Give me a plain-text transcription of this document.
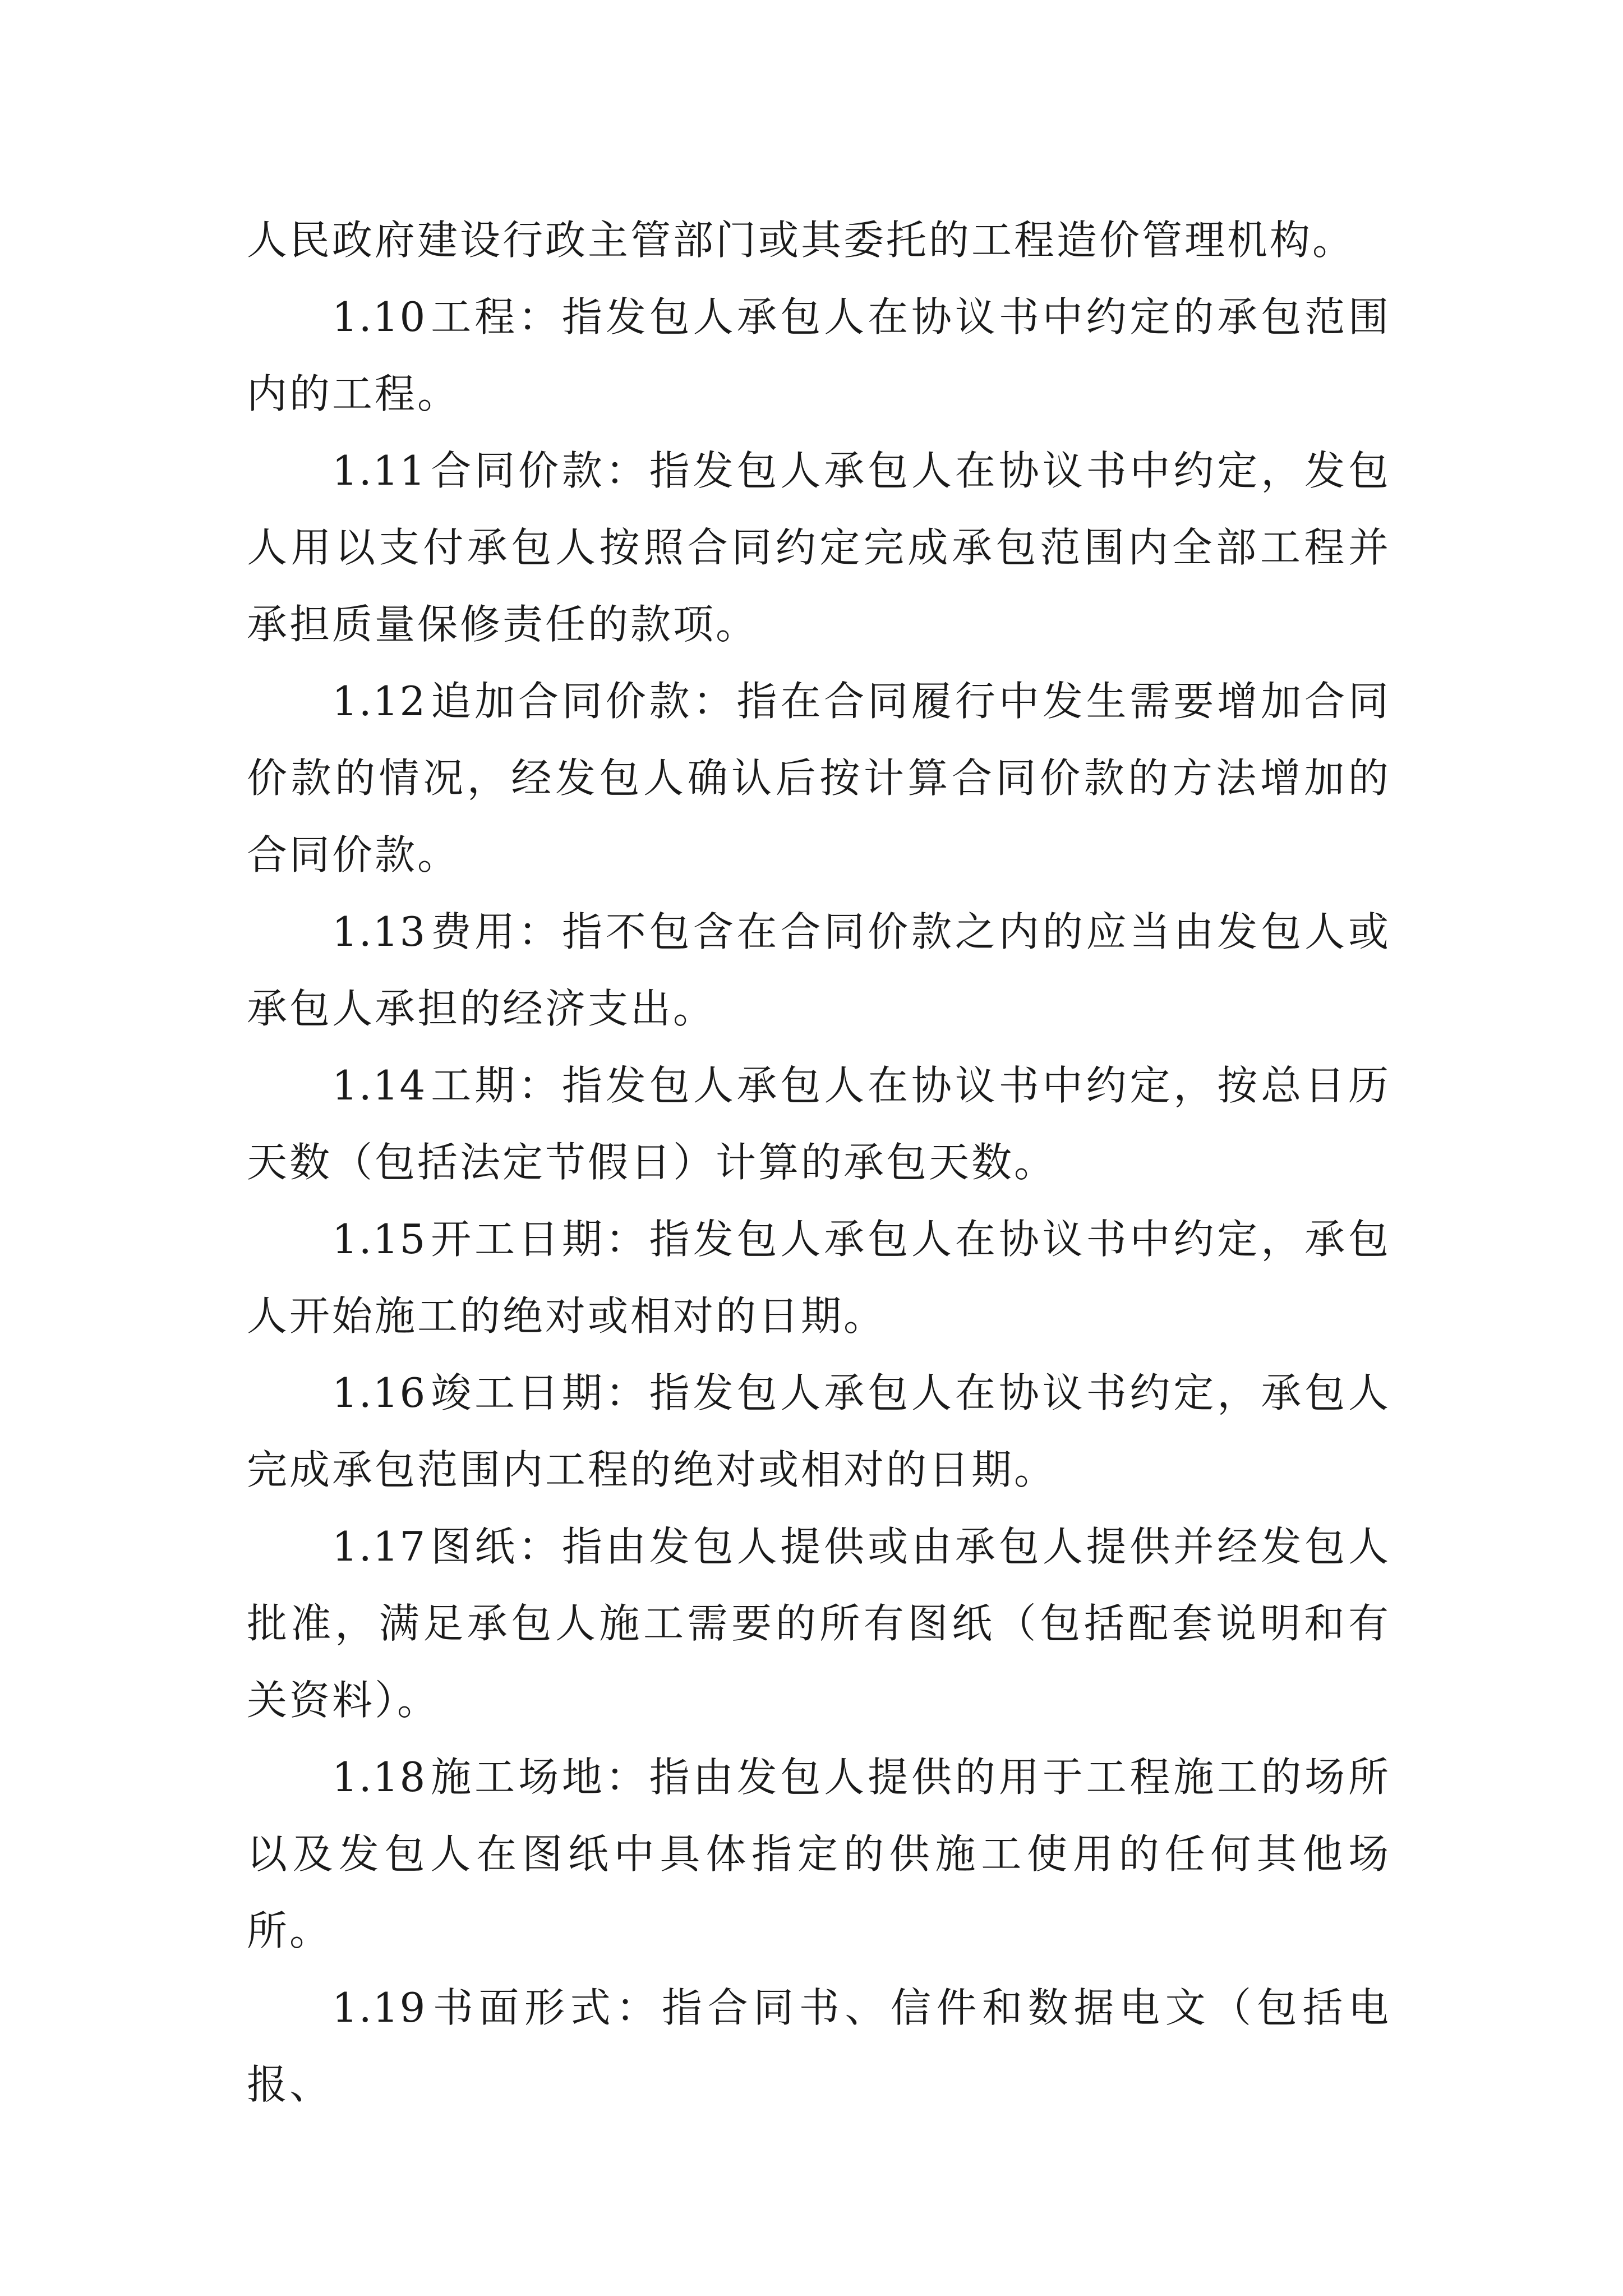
人民政府建设行政主管部门或其委托的工程造价管理机构。

1.10工程：指发包人承包人在协议书中约定的承包范围内的工程。

1.11合同价款：指发包人承包人在协议书中约定，发包人用以支付承包人按照合同约定完成承包范围内全部工程并承担质量保修责任的款项。

1.12追加合同价款：指在合同履行中发生需要增加合同价款的情况，经发包人确认后按计算合同价款的方法增加的合同价款。

1.13费用：指不包含在合同价款之内的应当由发包人或承包人承担的经济支出。

1.14工期：指发包人承包人在协议书中约定，按总日历天数（包括法定节假日）计算的承包天数。

1.15开工日期：指发包人承包人在协议书中约定，承包人开始施工的绝对或相对的日期。

1.16竣工日期：指发包人承包人在协议书约定，承包人完成承包范围内工程的绝对或相对的日期。

1.17图纸：指由发包人提供或由承包人提供并经发包人批准，满足承包人施工需要的所有图纸（包括配套说明和有关资料）。

1.18施工场地：指由发包人提供的用于工程施工的场所以及发包人在图纸中具体指定的供施工使用的任何其他场所。

1.19书面形式：指合同书、信件和数据电文（包括电报、
